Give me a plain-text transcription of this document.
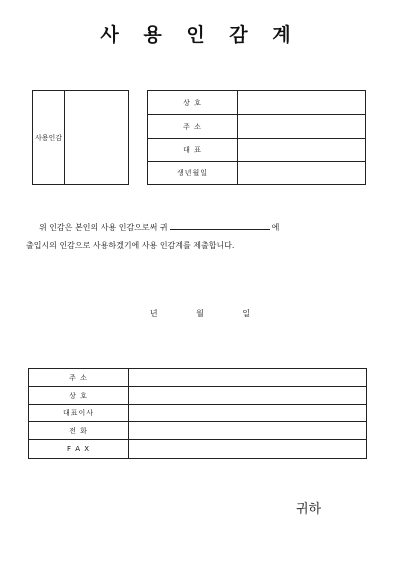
사 용 인 감 계
사용인감
상 호
주 소
대 표
생년월일
위 인감은 본인의 사용 인감으로써 귀	에
출입시의 인감으로 사용하겠기에 사용 인감계를 제출합니다.
년	월	일
주 소
상 호
대표이사
전 화
F A X
귀하
